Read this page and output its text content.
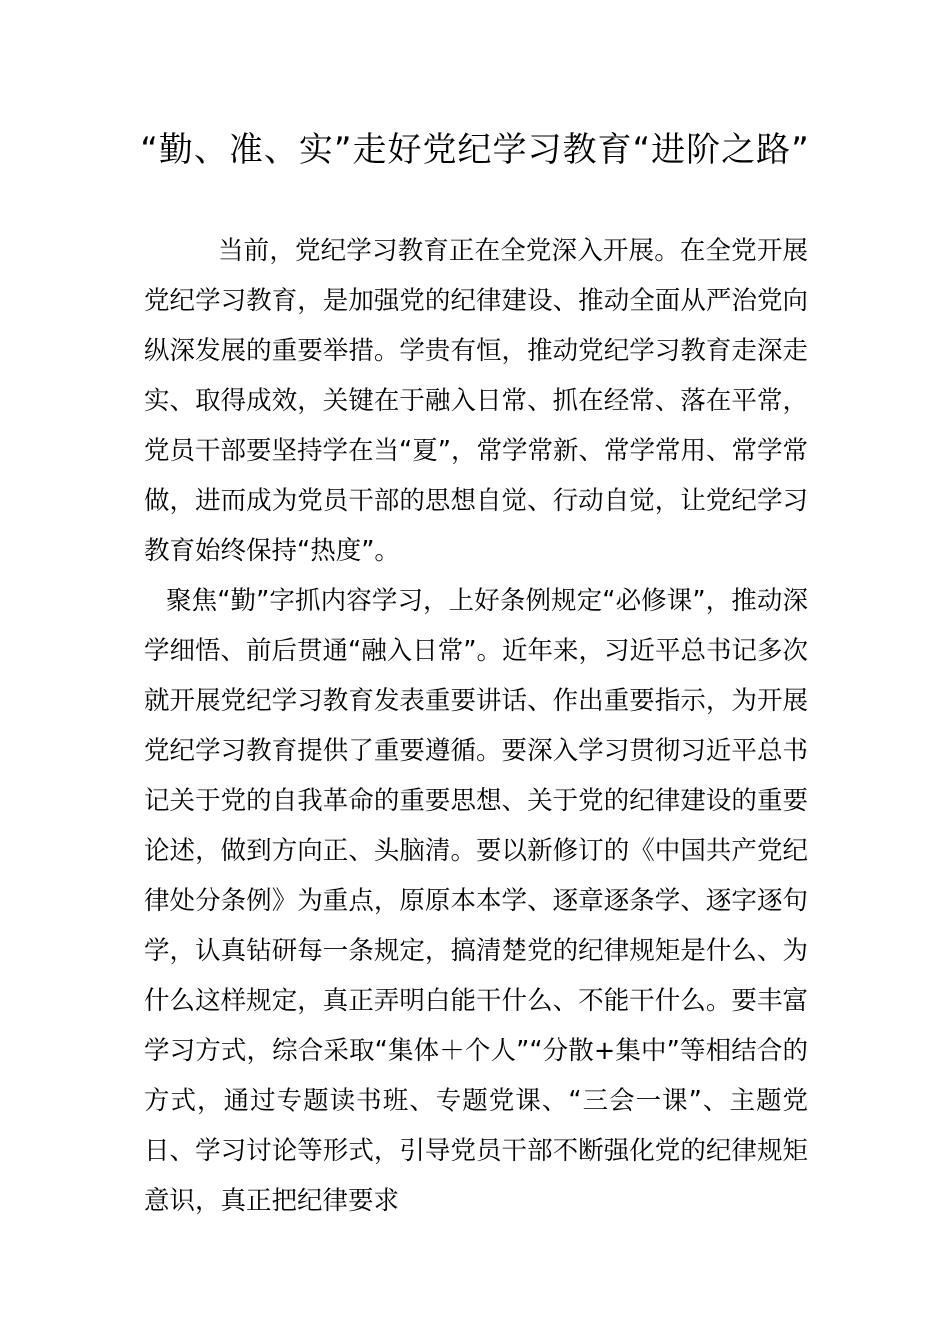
“勤、准、实”走好党纪学习教育“进阶之路”

当前，党纪学习教育正在全党深入开展。在全党开展党纪学习教育，是加强党的纪律建设、推动全面从严治党向纵深发展的重要举措。学贵有恒，推动党纪学习教育走深走实、取得成效，关键在于融入日常、抓在经常、落在平常，党员干部要坚持学在当“夏”，常学常新、常学常用、常学常做，进而成为党员干部的思想自觉、行动自觉，让党纪学习教育始终保持“热度”。

聚焦“勤”字抓内容学习，上好条例规定“必修课”，推动深学细悟、前后贯通“融入日常”。近年来，习近平总书记多次就开展党纪学习教育发表重要讲话、作出重要指示，为开展党纪学习教育提供了重要遵循。要深入学习贯彻习近平总书记关于党的自我革命的重要思想、关于党的纪律建设的重要论述，做到方向正、头脑清。要以新修订的《中国共产党纪律处分条例》为重点，原原本本学、逐章逐条学、逐字逐句学，认真钻研每一条规定，搞清楚党的纪律规矩是什么、为什么这样规定，真正弄明白能干什么、不能干什么。要丰富学习方式，综合采取“集体＋个人”“分散+集中”等相结合的方式，通过专题读书班、专题党课、“三会一课”、主题党日、学习讨论等形式，引导党员干部不断强化党的纪律规矩意识，真正把纪律要求
